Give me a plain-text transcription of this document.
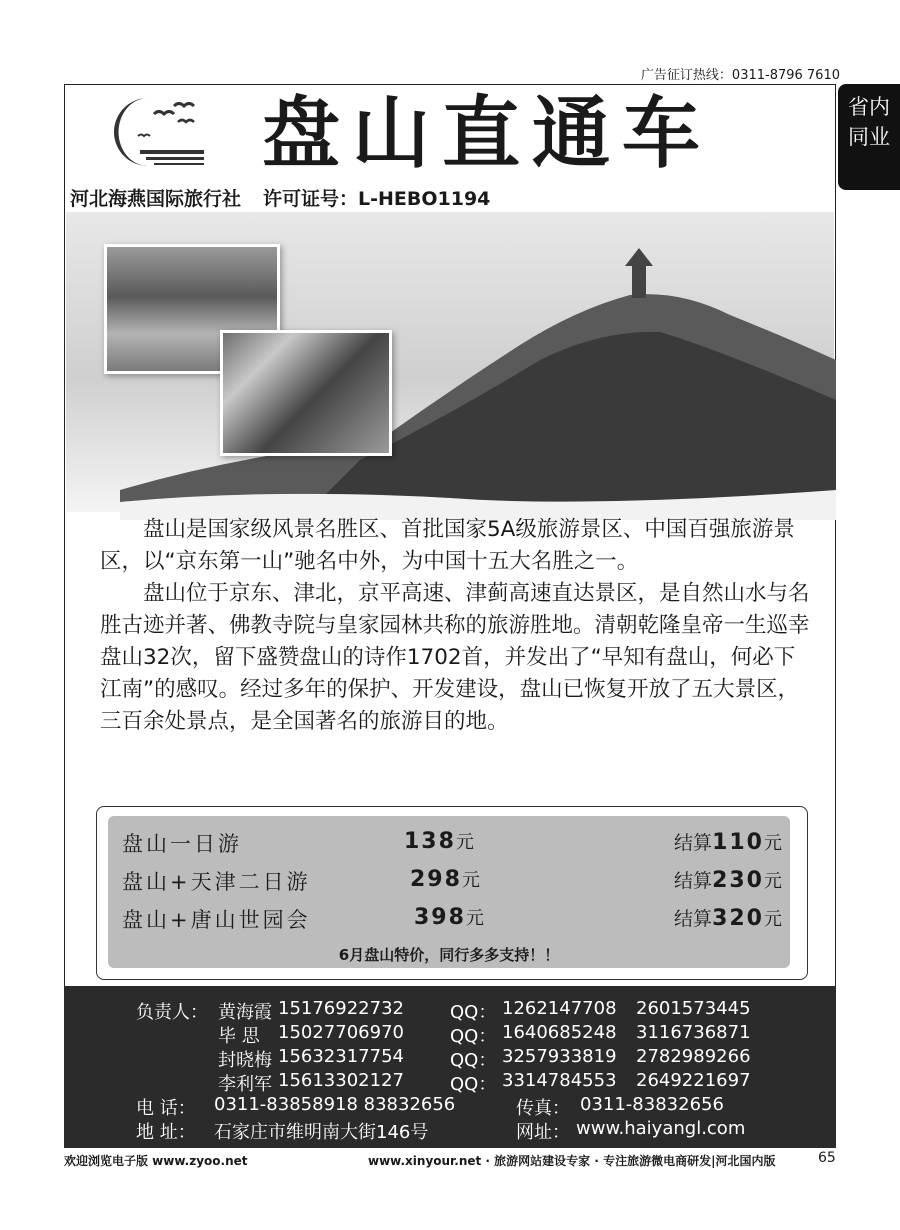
广告征订热线：0311-8796 7610
省内
同业
盘山直通车
河北海燕国际旅行社 许可证号：L-HEBO1194

盘山是国家级风景名胜区、首批国家5A级旅游景区、中国百强旅游景区，以“京东第一山”驰名中外，为中国十五大名胜之一。

盘山位于京东、津北，京平高速、津蓟高速直达景区，是自然山水与名胜古迹并著、佛教寺院与皇家园林共称的旅游胜地。清朝乾隆皇帝一生巡幸盘山32次，留下盛赞盘山的诗作1702首，并发出了“早知有盘山，何必下江南”的感叹。经过多年的保护、开发建设，盘山已恢复开放了五大景区，三百余处景点，是全国著名的旅游目的地。

盘山一日游	138元	结算110元
盘山+天津二日游	298元	结算230元
盘山+唐山世园会	398元	结算320元
6月盘山特价，同行多多支持！！
负责人： 黄海霞 15176922732	QQ： 1262147708 2601573445
毕 思 15027706970	QQ： 1640685248 3116736871
封晓梅 15632317754	QQ： 3257933819 2782989266
李利军 15613302127	QQ： 3314784553 2649221697
电 话： 0311-83858918 83832656	传真： 0311-83832656
地 址： 石家庄市维明南大街146号	网址： www.haiyangl.com
欢迎浏览电子版 www.zyoo.net	www.xinyour.net · 旅游网站建设专家 · 专注旅游微电商研发|河北国内版	65
